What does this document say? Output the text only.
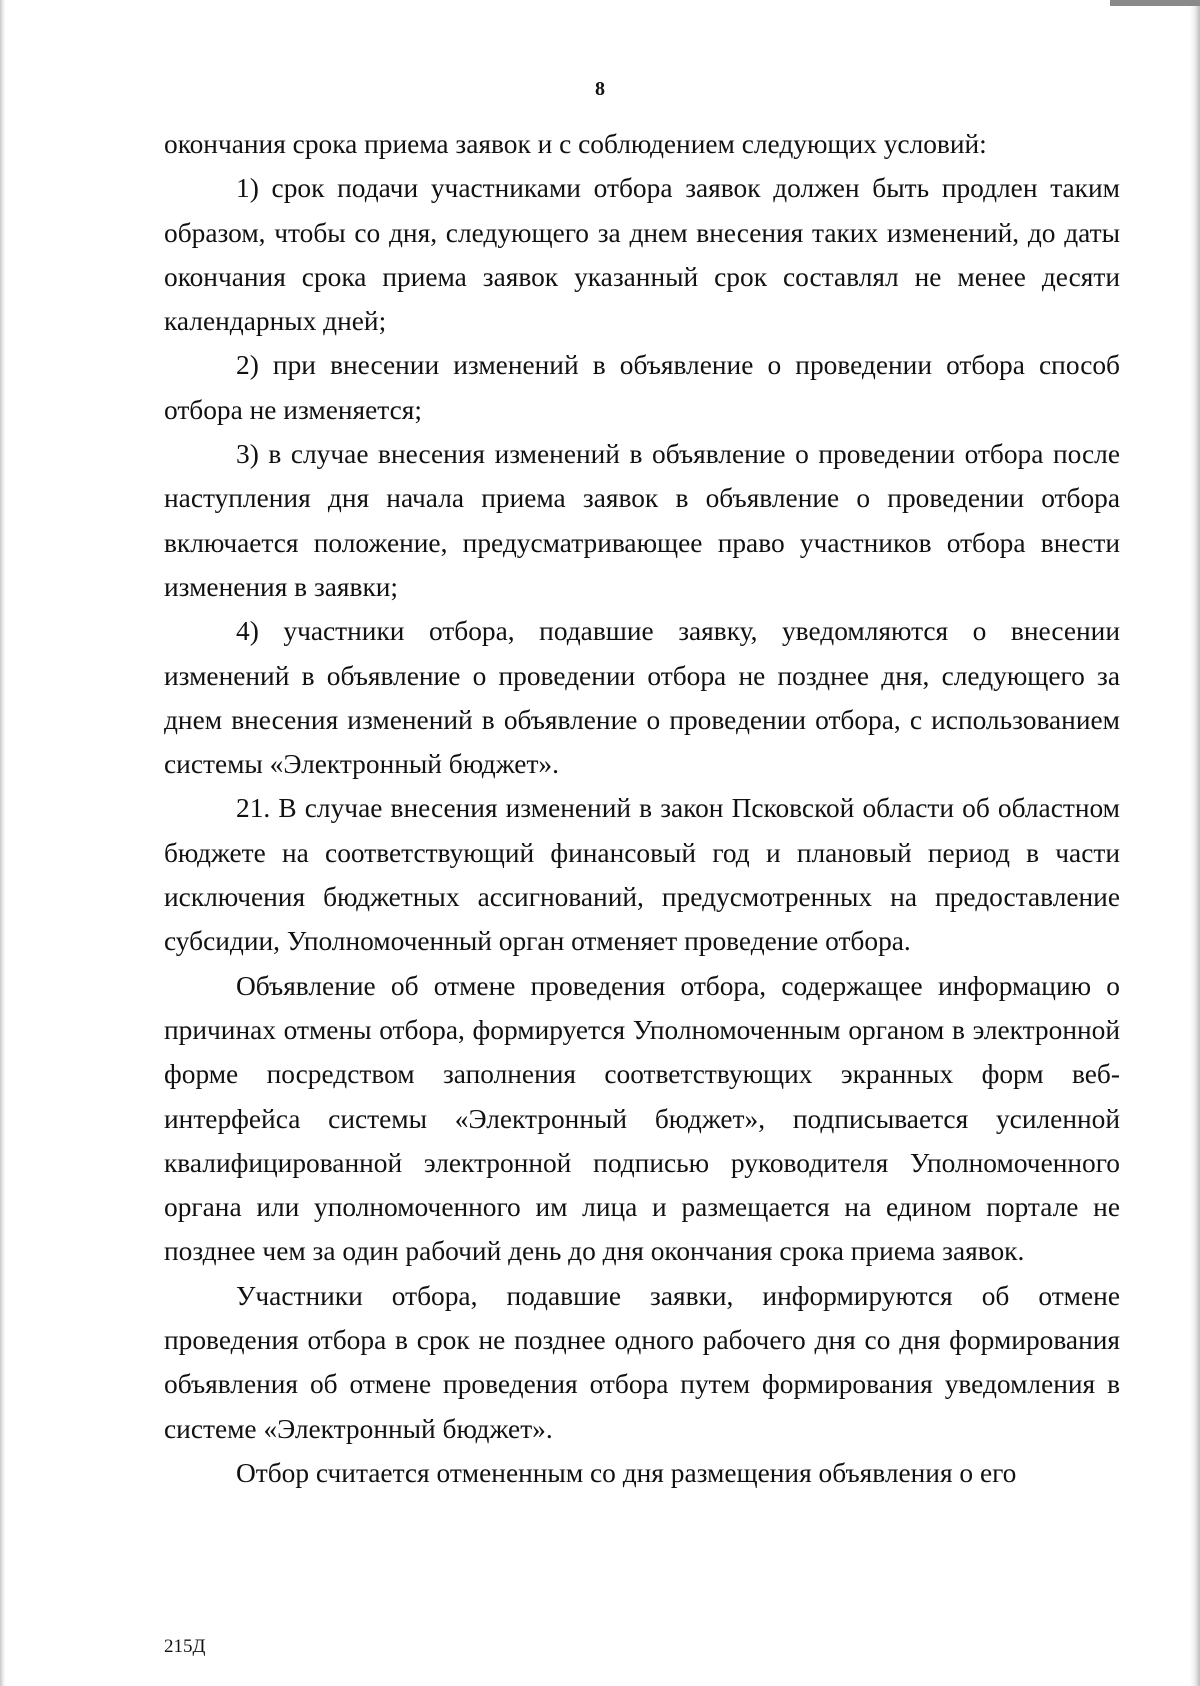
8

окончания срока приема заявок и с соблюдением следующих условий:

1) срок подачи участниками отбора заявок должен быть продлен таким образом, чтобы со дня, следующего за днем внесения таких изменений, до даты окончания срока приема заявок указанный срок составлял не менее десяти календарных дней;

2) при внесении изменений в объявление о проведении отбора способ отбора не изменяется;

3) в случае внесения изменений в объявление о проведении отбора после наступления дня начала приема заявок в объявление о проведении отбора включается положение, предусматривающее право участников отбора внести изменения в заявки;

4) участники отбора, подавшие заявку, уведомляются о внесении изменений в объявление о проведении отбора не позднее дня, следующего за днем внесения изменений в объявление о проведении отбора, с использованием системы «Электронный бюджет».

21. В случае внесения изменений в закон Псковской области об областном бюджете на соответствующий финансовый год и плановый период в части исключения бюджетных ассигнований, предусмотренных на предоставление субсидии, Уполномоченный орган отменяет проведение отбора.

Объявление об отмене проведения отбора, содержащее информацию о причинах отмены отбора, формируется Уполномоченным органом в электронной форме посредством заполнения соответствующих экранных форм веб-интерфейса системы «Электронный бюджет», подписывается усиленной квалифицированной электронной подписью руководителя Уполномоченного органа или уполномоченного им лица и размещается на едином портале не позднее чем за один рабочий день до дня окончания срока приема заявок.

Участники отбора, подавшие заявки, информируются об отмене проведения отбора в срок не позднее одного рабочего дня со дня формирования объявления об отмене проведения отбора путем формирования уведомления в системе «Электронный бюджет».

Отбор считается отмененным со дня размещения объявления о его

215Д
